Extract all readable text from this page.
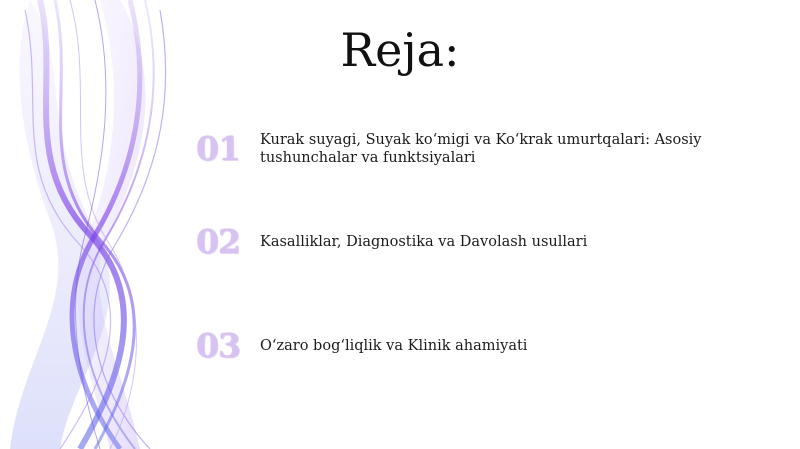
Reja:
01	Kurak suyagi, Suyak ko‘migi va Ko‘krak umurtqalari: Asosiy tushunchalar va funktsiyalari
02	Kasalliklar, Diagnostika va Davolash usullari
03	O‘zaro bog‘liqlik va Klinik ahamiyati
